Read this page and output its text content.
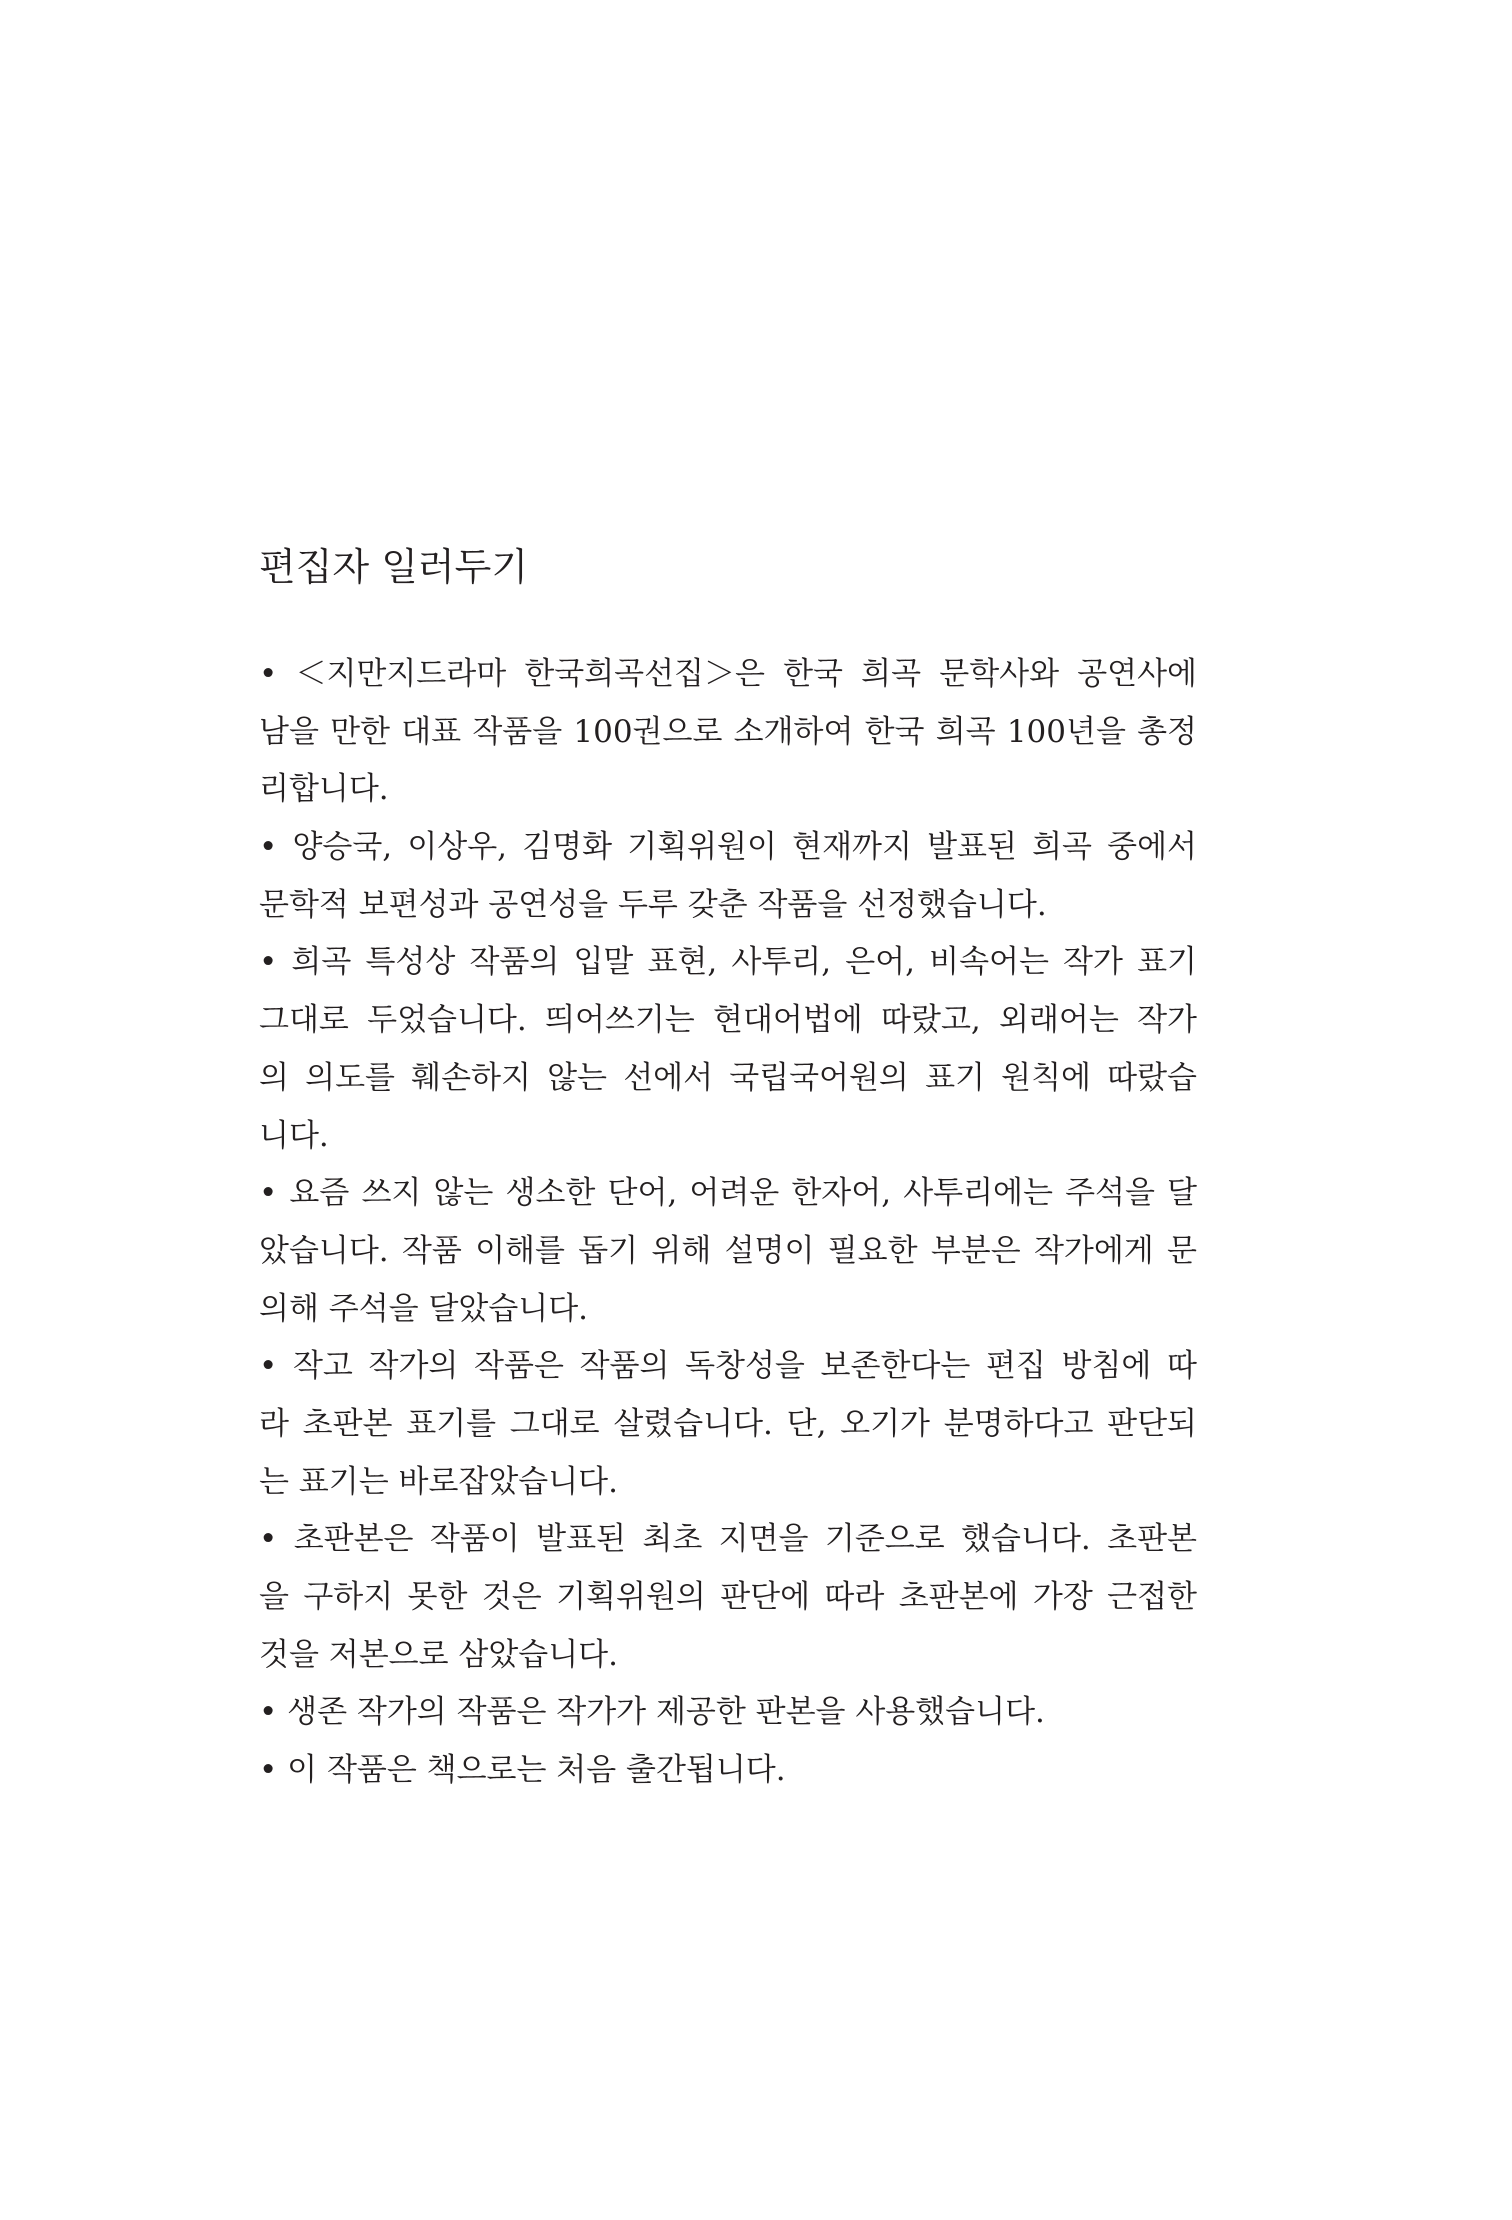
편집자 일러두기
• ＜지만지드라마 한국희곡선집＞은 한국 희곡 문학사와 공연사에
남을 만한 대표 작품을 100권으로 소개하여 한국 희곡 100년을 총정
리합니다.
• 양승국, 이상우, 김명화 기획위원이 현재까지 발표된 희곡 중에서
문학적 보편성과 공연성을 두루 갖춘 작품을 선정했습니다.
• 희곡 특성상 작품의 입말 표현, 사투리, 은어, 비속어는 작가 표기
그대로 두었습니다. 띄어쓰기는 현대어법에 따랐고, 외래어는 작가
의 의도를 훼손하지 않는 선에서 국립국어원의 표기 원칙에 따랐습
니다.
• 요즘 쓰지 않는 생소한 단어, 어려운 한자어, 사투리에는 주석을 달
았습니다. 작품 이해를 돕기 위해 설명이 필요한 부분은 작가에게 문
의해 주석을 달았습니다.
• 작고 작가의 작품은 작품의 독창성을 보존한다는 편집 방침에 따
라 초판본 표기를 그대로 살렸습니다. 단, 오기가 분명하다고 판단되
는 표기는 바로잡았습니다.
• 초판본은 작품이 발표된 최초 지면을 기준으로 했습니다. 초판본
을 구하지 못한 것은 기획위원의 판단에 따라 초판본에 가장 근접한
것을 저본으로 삼았습니다.
• 생존 작가의 작품은 작가가 제공한 판본을 사용했습니다.
• 이 작품은 책으로는 처음 출간됩니다.
